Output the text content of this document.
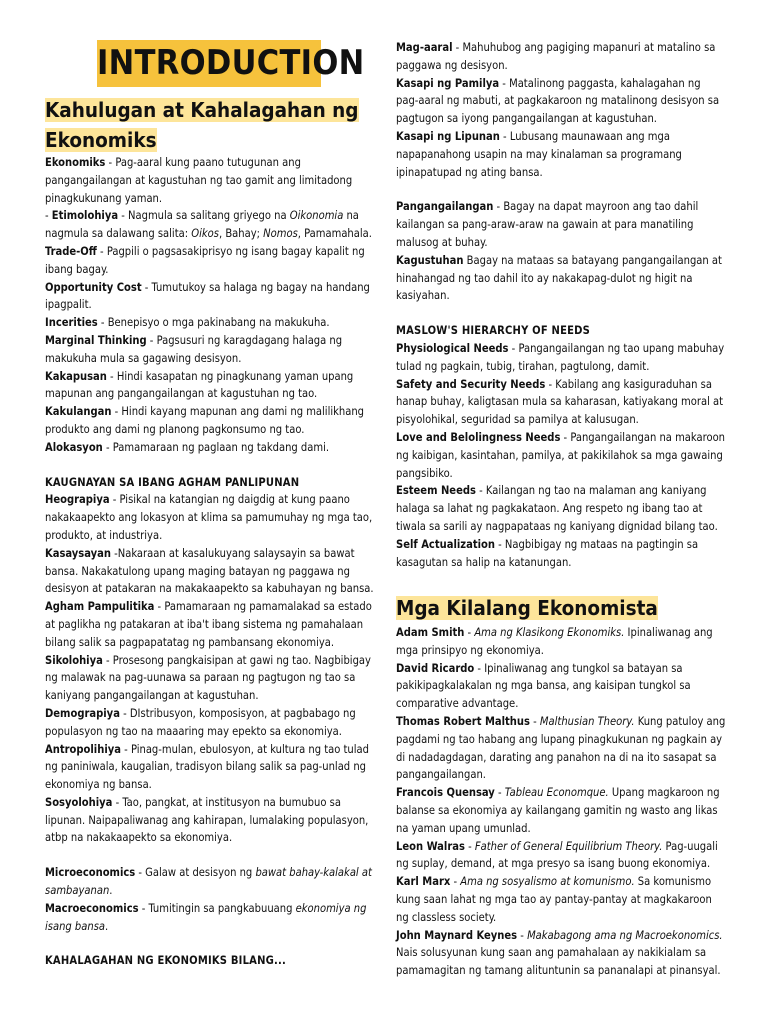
INTRODUCTION
Kahulugan at Kahalagahan ng
Ekonomiks

Ekonomiks - Pag-aaral kung paano tutugunan ang pangangailangan at kagustuhan ng tao gamit ang limitadong pinagkukunang yaman.

- Etimolohiya - Nagmula sa salitang griyego na Oikonomia na nagmula sa dalawang salita: Oikos, Bahay; Nomos, Pamamahala.

Trade-Off - Pagpili o pagsasakiprisyo ng isang bagay kapalit ng ibang bagay.

Opportunity Cost - Tumutukoy sa halaga ng bagay na handang ipagpalit.

Incerities - Benepisyo o mga pakinabang na makukuha.

Marginal Thinking - Pagsusuri ng karagdagang halaga ng makukuha mula sa gagawing desisyon.

Kakapusan - Hindi kasapatan ng pinagkunang yaman upang mapunan ang pangangailangan at kagustuhan ng tao.

Kakulangan - Hindi kayang mapunan ang dami ng malilikhang produkto ang dami ng planong pagkonsumo ng tao.

Alokasyon - Pamamaraan ng paglaan ng takdang dami.

KAUGNAYAN SA IBANG AGHAM PANLIPUNAN

Heograpiya - Pisikal na katangian ng daigdig at kung paano nakakaapekto ang lokasyon at klima sa pamumuhay ng mga tao, produkto, at industriya.

Kasaysayan -Nakaraan at kasalukuyang salaysayin sa bawat bansa. Nakakatulong upang maging batayan ng paggawa ng desisyon at patakaran na makakaapekto sa kabuhayan ng bansa.

Agham Pampulitika - Pamamaraan ng pamamalakad sa estado at paglikha ng patakaran at iba't ibang sistema ng pamahalaan bilang salik sa pagpapatatag ng pambansang ekonomiya.

Sikolohiya - Prosesong pangkaisipan at gawi ng tao. Nagbibigay ng malawak na pag-uunawa sa paraan ng pagtugon ng tao sa kaniyang pangangailangan at kagustuhan.

Demograpiya - DIstribusyon, komposisyon, at pagbabago ng populasyon ng tao na maaaring may epekto sa ekonomiya.

Antropolihiya - Pinag-mulan, ebulosyon, at kultura ng tao tulad ng paniniwala, kaugalian, tradisyon bilang salik sa pag-unlad ng ekonomiya ng bansa.

Sosyolohiya - Tao, pangkat, at institusyon na bumubuo sa lipunan. Naipapaliwanag ang kahirapan, lumalaking populasyon, atbp na nakakaapekto sa ekonomiya.

Microeconomics - Galaw at desisyon ng bawat bahay-kalakal at sambayanan.

Macroeconomics - Tumitingin sa pangkabuuang ekonomiya ng isang bansa.

KAHALAGAHAN NG EKONOMIKS BILANG...

Mag-aaral - Mahuhubog ang pagiging mapanuri at matalino sa paggawa ng desisyon.

Kasapi ng Pamilya - Matalinong paggasta, kahalagahan ng pag-aaral ng mabuti, at pagkakaroon ng matalinong desisyon sa pagtugon sa iyong pangangailangan at kagustuhan.

Kasapi ng Lipunan - Lubusang maunawaan ang mga napapanahong usapin na may kinalaman sa programang ipinapatupad ng ating bansa.

Pangangailangan - Bagay na dapat mayroon ang tao dahil kailangan sa pang-araw-araw na gawain at para manatiling malusog at buhay.

Kagustuhan Bagay na mataas sa batayang pangangailangan at hinahangad ng tao dahil ito ay nakakapag-dulot ng higit na kasiyahan.

MASLOW'S HIERARCHY OF NEEDS

Physiological Needs - Pangangailangan ng tao upang mabuhay tulad ng pagkain, tubig, tirahan, pagtulong, damit.

Safety and Security Needs - Kabilang ang kasiguraduhan sa hanap buhay, kaligtasan mula sa kaharasan, katiyakang moral at pisyolohikal, seguridad sa pamilya at kalusugan.

Love and Belolingness Needs - Pangangailangan na makaroon ng kaibigan, kasintahan, pamilya, at pakikilahok sa mga gawaing pangsibiko.

Esteem Needs - Kailangan ng tao na malaman ang kaniyang halaga sa lahat ng pagkakataon. Ang respeto ng ibang tao at tiwala sa sarili ay nagpapataas ng kaniyang dignidad bilang tao.

Self Actualization - Nagbibigay ng mataas na pagtingin sa kasagutan sa halip na katanungan.

Mga Kilalang Ekonomista

Adam Smith - Ama ng Klasikong Ekonomiks. Ipinaliwanag ang mga prinsipyo ng ekonomiya.

David Ricardo - Ipinaliwanag ang tungkol sa batayan sa pakikipagkalakalan ng mga bansa, ang kaisipan tungkol sa comparative advantage.

Thomas Robert Malthus - Malthusian Theory. Kung patuloy ang pagdami ng tao habang ang lupang pinagkukunan ng pagkain ay di nadadagdagan, darating ang panahon na di na ito sasapat sa pangangailangan.

Francois Quensay - Tableau Economque. Upang magkaroon ng balanse sa ekonomiya ay kailangang gamitin ng wasto ang likas na yaman upang umunlad.

Leon Walras - Father of General Equilibrium Theory. Pag-uugali ng suplay, demand, at mga presyo sa isang buong ekonomiya.

Karl Marx - Ama ng sosyalismo at komunismo. Sa komunismo kung saan lahat ng mga tao ay pantay-pantay at magkakaroon ng classless society.

John Maynard Keynes - Makabagong ama ng Macroekonomics. Nais solusyunan kung saan ang pamahalaan ay nakikialam sa pamamagitan ng tamang alituntunin sa pananalapi at pinansyal.
